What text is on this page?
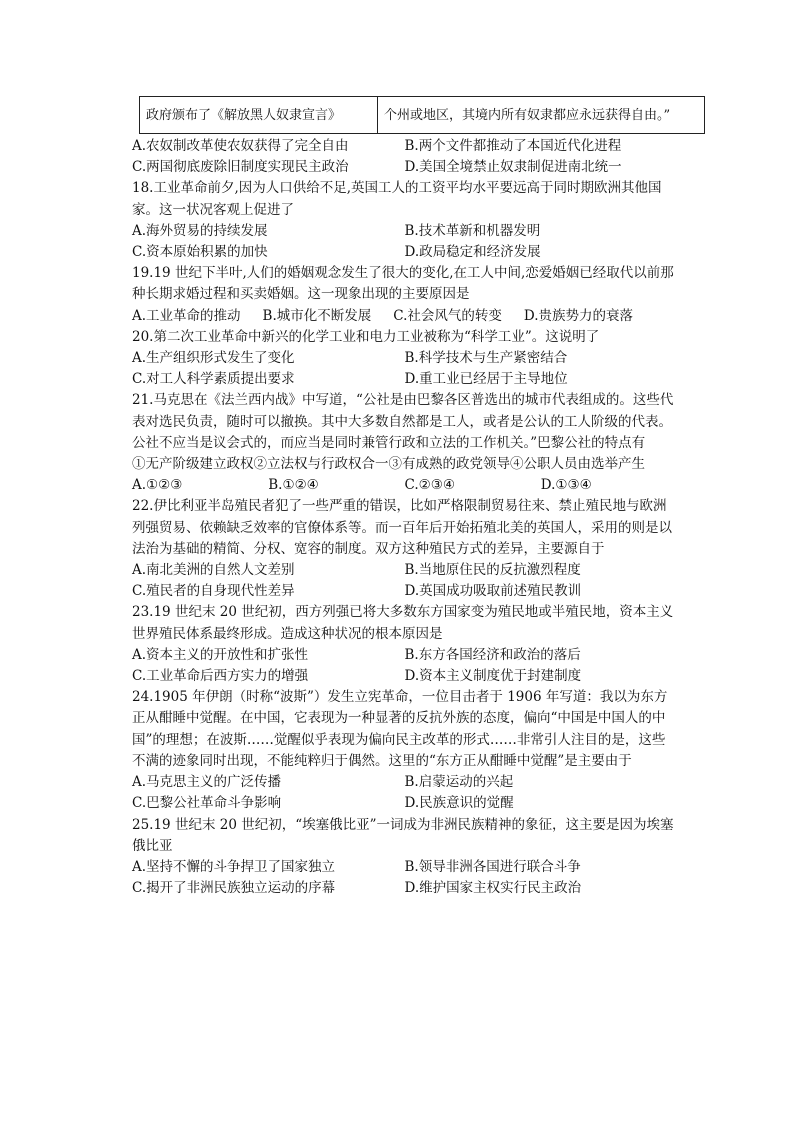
政府颁布了《解放黑人奴隶宣言》	个州或地区，其境内所有奴隶都应永远获得自由。”
A.农奴制改革使农奴获得了完全自由	B.两个文件都推动了本国近代化进程
C.两国彻底废除旧制度实现民主政治	D.美国全境禁止奴隶制促进南北统一
18.工业革命前夕,因为人口供给不足,英国工人的工资平均水平要远高于同时期欧洲其他国家。这一状况客观上促进了
A.海外贸易的持续发展	B.技术革新和机器发明
C.资本原始积累的加快	D.政局稳定和经济发展
19.19 世纪下半叶,人们的婚姻观念发生了很大的变化,在工人中间,恋爱婚姻已经取代以前那种长期求婚过程和买卖婚姻。这一现象出现的主要原因是
A.工业革命的推动 B.城市化不断发展 C.社会风气的转变 D.贵族势力的衰落
20.第二次工业革命中新兴的化学工业和电力工业被称为“科学工业”。这说明了
A.生产组织形式发生了变化	B.科学技术与生产紧密结合
C.对工人科学素质提出要求	D.重工业已经居于主导地位
21.马克思在《法兰西内战》中写道，“公社是由巴黎各区普选出的城市代表组成的。这些代表对选民负责，随时可以撤换。其中大多数自然都是工人，或者是公认的工人阶级的代表。公社不应当是议会式的，而应当是同时兼管行政和立法的工作机关。”巴黎公社的特点有
①无产阶级建立政权②立法权与行政权合一③有成熟的政党领导④公职人员由选举产生
A.①②③	B.①②④	C.②③④	D.①③④
22.伊比利亚半岛殖民者犯了一些严重的错误，比如严格限制贸易往来、禁止殖民地与欧洲列强贸易、依赖缺乏效率的官僚体系等。而一百年后开始拓殖北美的英国人，采用的则是以法治为基础的精简、分权、宽容的制度。双方这种殖民方式的差异，主要源自于
A.南北美洲的自然人文差别	B.当地原住民的反抗激烈程度
C.殖民者的自身现代性差异	D.英国成功吸取前述殖民教训
23.19 世纪末 20 世纪初，西方列强已将大多数东方国家变为殖民地或半殖民地，资本主义世界殖民体系最终形成。造成这种状况的根本原因是
A.资本主义的开放性和扩张性	B.东方各国经济和政治的落后
C.工业革命后西方实力的增强	D.资本主义制度优于封建制度
24.1905 年伊朗（时称“波斯”）发生立宪革命，一位目击者于 1906 年写道：我以为东方正从酣睡中觉醒。在中国，它表现为一种显著的反抗外族的态度，偏向“中国是中国人的中国”的理想；在波斯……觉醒似乎表现为偏向民主改革的形式……非常引人注目的是，这些不满的迹象同时出现，不能纯粹归于偶然。这里的“东方正从酣睡中觉醒”是主要由于
A.马克思主义的广泛传播	B.启蒙运动的兴起
C.巴黎公社革命斗争影响	D.民族意识的觉醒
25.19 世纪末 20 世纪初，“埃塞俄比亚”一词成为非洲民族精神的象征，这主要是因为埃塞俄比亚
A.坚持不懈的斗争捍卫了国家独立	B.领导非洲各国进行联合斗争
C.揭开了非洲民族独立运动的序幕	D.维护国家主权实行民主政治
